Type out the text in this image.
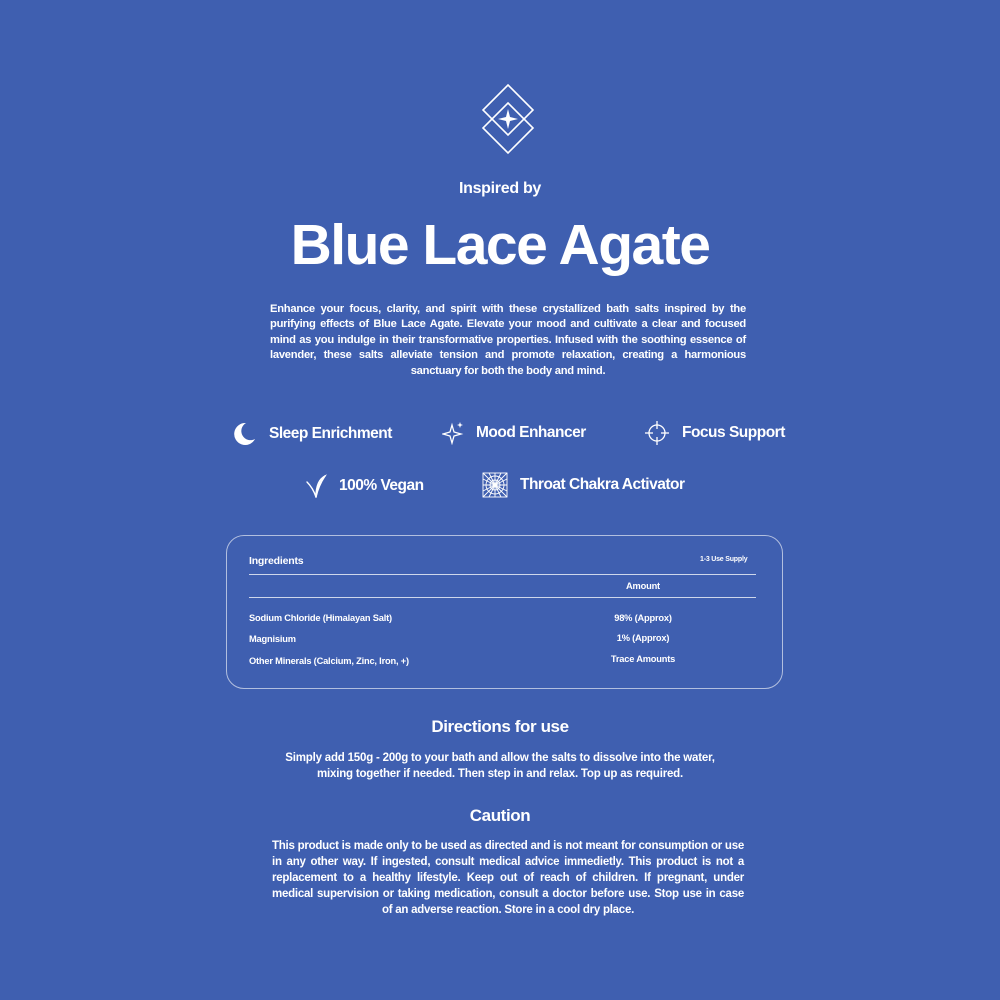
Inspired by
Blue Lace Agate
Enhance your focus, clarity, and spirit with these crystallized bath salts inspired by the purifying effects of Blue Lace Agate. Elevate your mood and cultivate a clear and focused mind as you indulge in their transformative properties. Infused with the soothing essence of lavender, these salts alleviate tension and promote relaxation, creating a harmonious sanctuary for both the body and mind.
Sleep Enrichment	Mood Enhancer	Focus Support
100% Vegan	Throat Chakra Activator
Ingredients	1-3 Use Supply
Amount
Sodium Chloride (Himalayan Salt)	98% (Approx)
Magnisium	1% (Approx)
Other Minerals (Calcium, Zinc, Iron, +)	Trace Amounts
Directions for use
Simply add 150g - 200g to your bath and allow the salts to dissolve into the water,
mixing together if needed. Then step in and relax. Top up as required.
Caution
This product is made only to be used as directed and is not meant for consumption or use in any other way. If ingested, consult medical advice immedietly. This product is not a replacement to a healthy lifestyle. Keep out of reach of children. If pregnant, under medical supervision or taking medication, consult a doctor before use. Stop use in case of an adverse reaction. Store in a cool dry place.
